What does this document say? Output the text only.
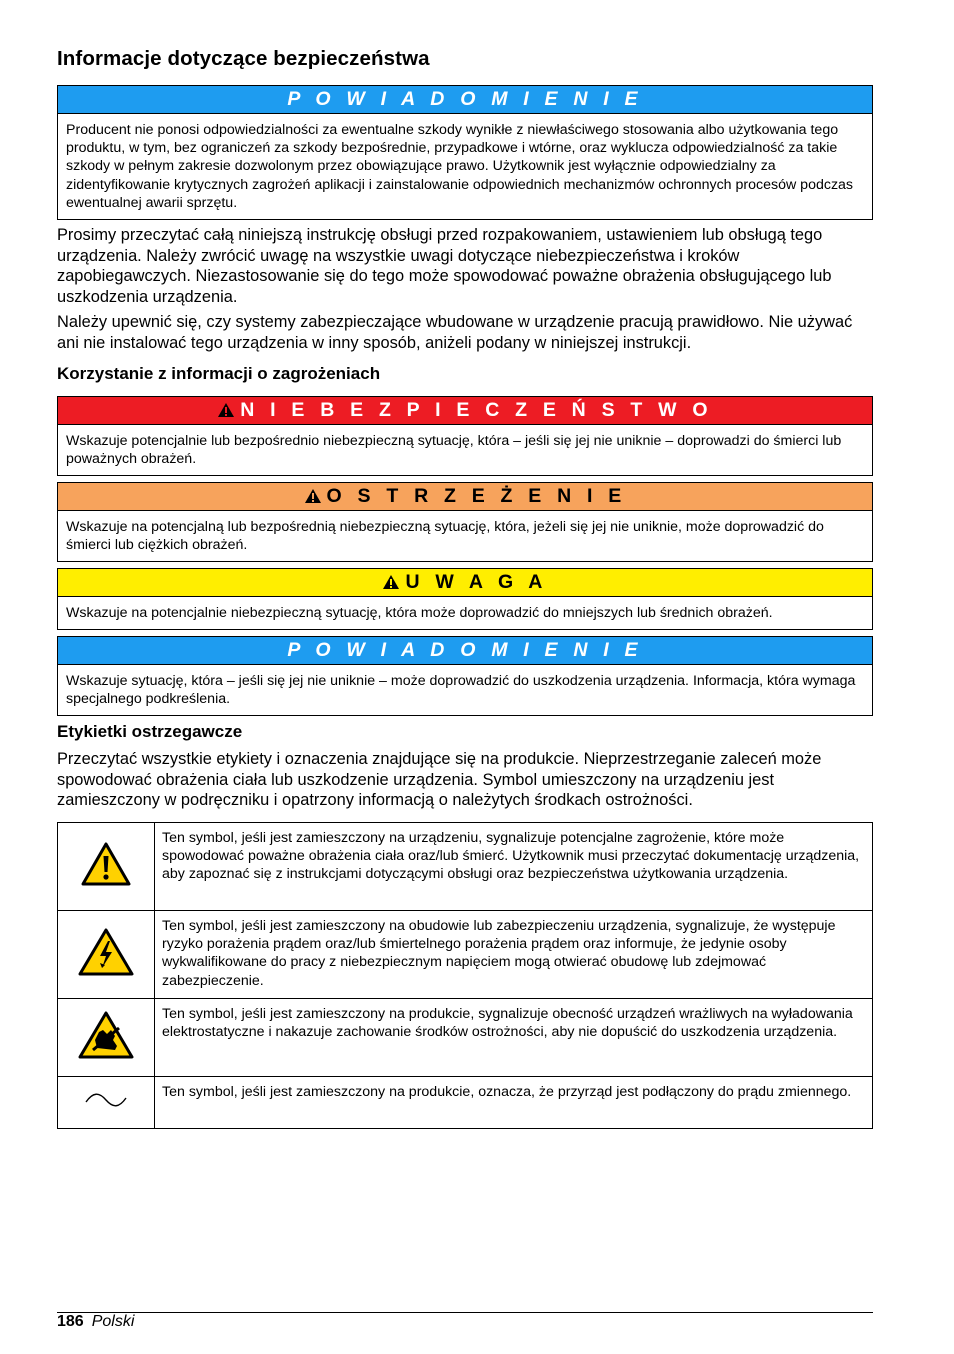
Informacje dotyczące bezpieczeństwa
P O W I A D O M I E N I E
Producent nie ponosi odpowiedzialności za ewentualne szkody wynikłe z niewłaściwego stosowania albo użytkowania tego produktu, w tym, bez ograniczeń za szkody bezpośrednie, przypadkowe i wtórne, oraz wyklucza odpowiedzialność za takie szkody w pełnym zakresie dozwolonym przez obowiązujące prawo. Użytkownik jest wyłącznie odpowiedzialny za zidentyfikowanie krytycznych zagrożeń aplikacji i zainstalowanie odpowiednich mechanizmów ochronnych procesów podczas ewentualnej awarii sprzętu.

Prosimy przeczytać całą niniejszą instrukcję obsługi przed rozpakowaniem, ustawieniem lub obsługą tego urządzenia. Należy zwrócić uwagę na wszystkie uwagi dotyczące niebezpieczeństwa i kroków zapobiegawczych. Niezastosowanie się do tego może spowodować poważne obrażenia obsługującego lub uszkodzenia urządzenia.

Należy upewnić się, czy systemy zabezpieczające wbudowane w urządzenie pracują prawidłowo. Nie używać ani nie instalować tego urządzenia w inny sposób, aniżeli podany w niniejszej instrukcji.

Korzystanie z informacji o zagrożeniach
N I E B E Z P I E C Z E Ń S T W O
Wskazuje potencjalnie lub bezpośrednio niebezpieczną sytuację, która – jeśli się jej nie uniknie – doprowadzi do śmierci lub poważnych obrażeń.
O S T R Z E Ż E N I E
Wskazuje na potencjalną lub bezpośrednią niebezpieczną sytuację, która, jeżeli się jej nie uniknie, może doprowadzić do śmierci lub ciężkich obrażeń.
U W A G A
Wskazuje na potencjalnie niebezpieczną sytuację, która może doprowadzić do mniejszych lub średnich obrażeń.
P O W I A D O M I E N I E
Wskazuje sytuację, która – jeśli się jej nie uniknie – może doprowadzić do uszkodzenia urządzenia. Informacja, która wymaga specjalnego podkreślenia.
Etykietki ostrzegawcze

Przeczytać wszystkie etykiety i oznaczenia znajdujące się na produkcie. Nieprzestrzeganie zaleceń może spowodować obrażenia ciała lub uszkodzenie urządzenia. Symbol umieszczony na urządzeniu jest zamieszczony w podręczniku i opatrzony informacją o należytych środkach ostrożności.

	Ten symbol, jeśli jest zamieszczony na urządzeniu, sygnalizuje potencjalne zagrożenie, które może spowodować poważne obrażenia ciała oraz/lub śmierć. Użytkownik musi przeczytać dokumentację urządzenia, aby zapoznać się z instrukcjami dotyczącymi obsługi oraz bezpieczeństwa użytkowania urządzenia.
	Ten symbol, jeśli jest zamieszczony na obudowie lub zabezpieczeniu urządzenia, sygnalizuje, że występuje ryzyko porażenia prądem oraz/lub śmiertelnego porażenia prądem oraz informuje, że jedynie osoby wykwalifikowane do pracy z niebezpiecznym napięciem mogą otwierać obudowę lub zdejmować zabezpieczenie.
	Ten symbol, jeśli jest zamieszczony na produkcie, sygnalizuje obecność urządzeń wrażliwych na wyładowania elektrostatyczne i nakazuje zachowanie środków ostrożności, aby nie dopuścić do uszkodzenia urządzenia.
	Ten symbol, jeśli jest zamieszczony na produkcie, oznacza, że przyrząd jest podłączony do prądu zmiennego.
186 Polski
